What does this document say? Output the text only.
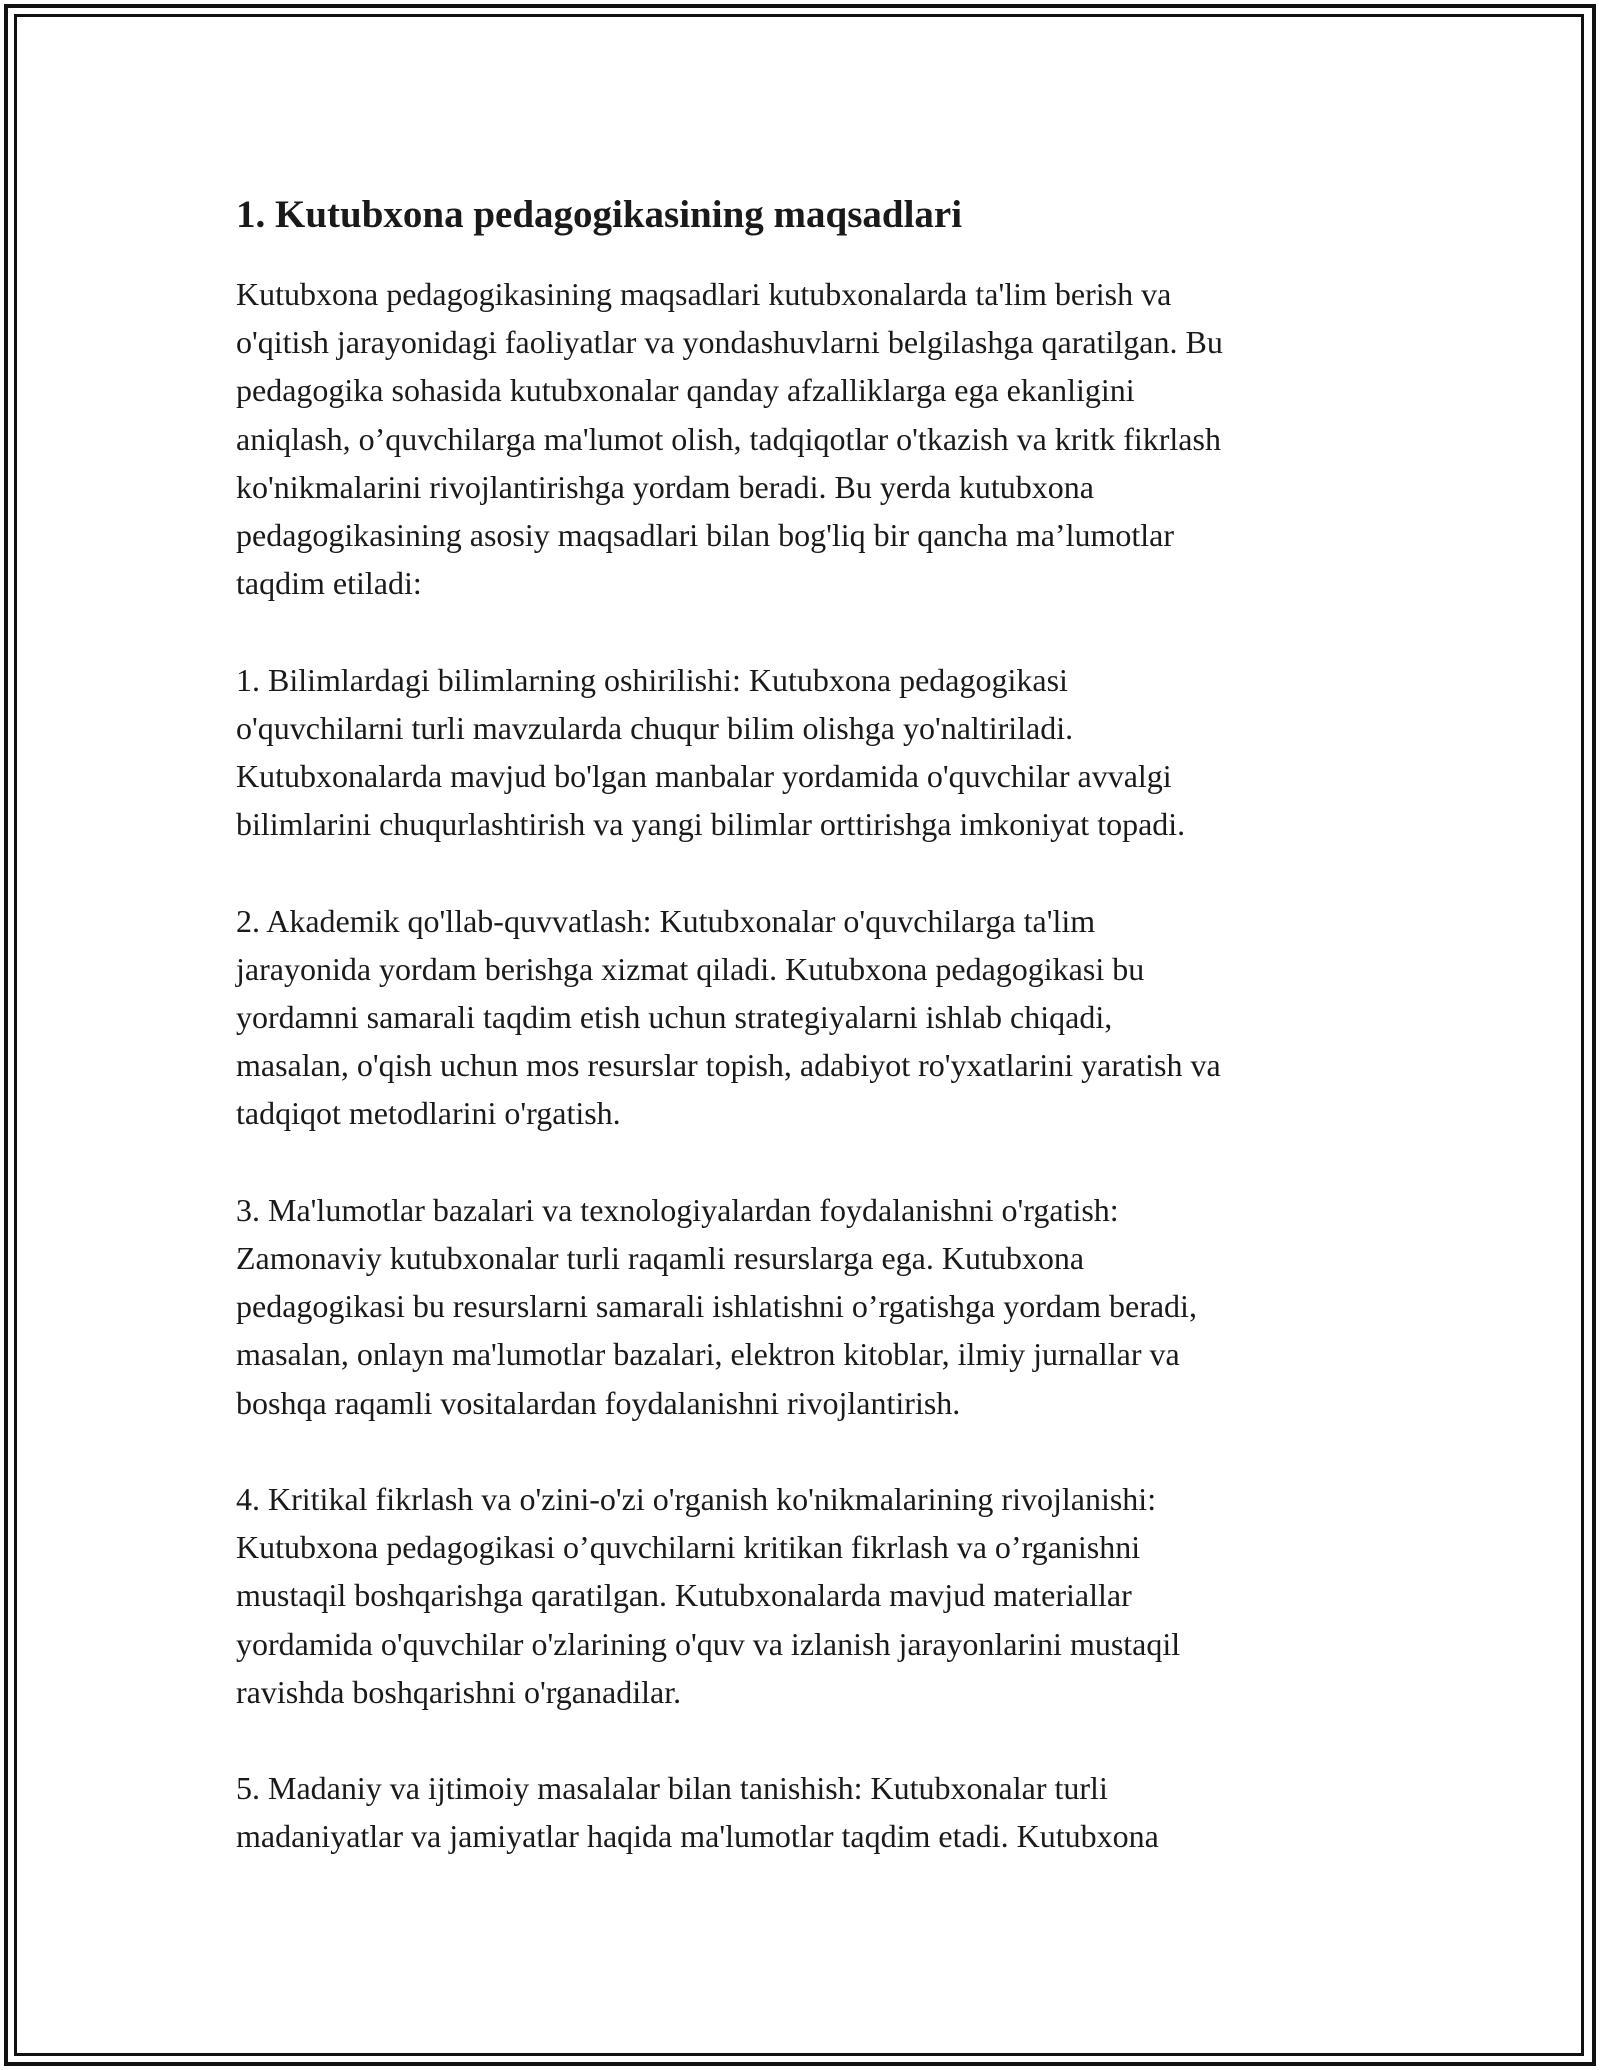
1. Kutubxona pedagogikasining maqsadlari

Kutubxona pedagogikasining maqsadlari kutubxonalarda ta'lim berish va
o'qitish jarayonidagi faoliyatlar va yondashuvlarni belgilashga qaratilgan. Bu
pedagogika sohasida kutubxonalar qanday afzalliklarga ega ekanligini
aniqlash, o’quvchilarga ma'lumot olish, tadqiqotlar o'tkazish va kritk fikrlash
ko'nikmalarini rivojlantirishga yordam beradi. Bu yerda kutubxona
pedagogikasining asosiy maqsadlari bilan bog'liq bir qancha ma’lumotlar
taqdim etiladi:

1. Bilimlardagi bilimlarning oshirilishi: Kutubxona pedagogikasi
o'quvchilarni turli mavzularda chuqur bilim olishga yo'naltiriladi.
Kutubxonalarda mavjud bo'lgan manbalar yordamida o'quvchilar avvalgi
bilimlarini chuqurlashtirish va yangi bilimlar orttirishga imkoniyat topadi.

2. Akademik qo'llab-quvvatlash: Kutubxonalar o'quvchilarga ta'lim
jarayonida yordam berishga xizmat qiladi. Kutubxona pedagogikasi bu
yordamni samarali taqdim etish uchun strategiyalarni ishlab chiqadi,
masalan, o'qish uchun mos resurslar topish, adabiyot ro'yxatlarini yaratish va
tadqiqot metodlarini o'rgatish.

3. Ma'lumotlar bazalari va texnologiyalardan foydalanishni o'rgatish:
Zamonaviy kutubxonalar turli raqamli resurslarga ega. Kutubxona
pedagogikasi bu resurslarni samarali ishlatishni o’rgatishga yordam beradi,
masalan, onlayn ma'lumotlar bazalari, elektron kitoblar, ilmiy jurnallar va
boshqa raqamli vositalardan foydalanishni rivojlantirish.

4. Kritikal fikrlash va o'zini-o'zi o'rganish ko'nikmalarining rivojlanishi:
Kutubxona pedagogikasi o’quvchilarni kritikan fikrlash va o’rganishni
mustaqil boshqarishga qaratilgan. Kutubxonalarda mavjud materiallar
yordamida o'quvchilar o'zlarining o'quv va izlanish jarayonlarini mustaqil
ravishda boshqarishni o'rganadilar.

5. Madaniy va ijtimoiy masalalar bilan tanishish: Kutubxonalar turli
madaniyatlar va jamiyatlar haqida ma'lumotlar taqdim etadi. Kutubxona
